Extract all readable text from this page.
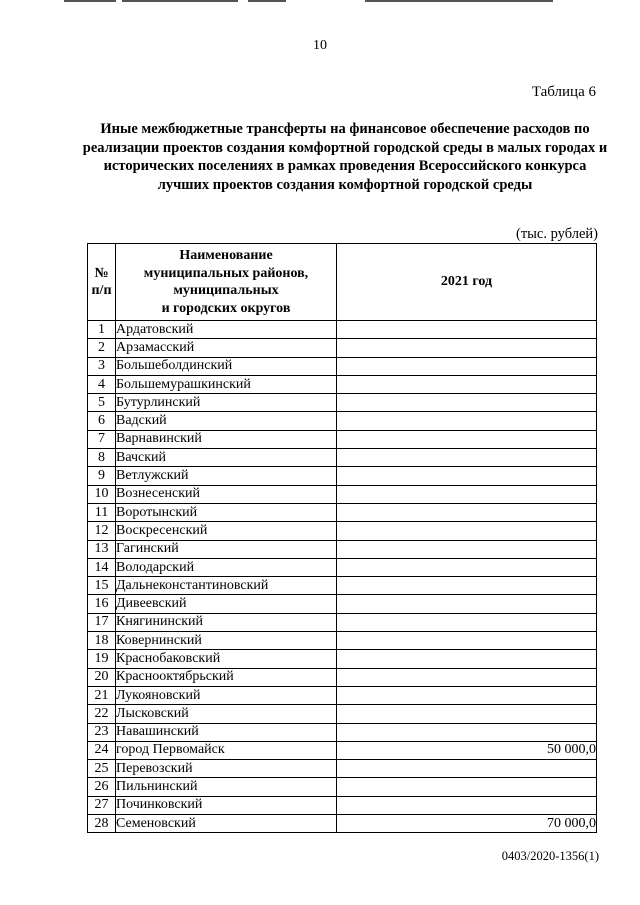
10
Таблица 6
Иные межбюджетные трансферты на финансовое обеспечение расходов по реализации проектов создания комфортной городской среды в малых городах и исторических поселениях в рамках проведения Всероссийского конкурса лучших проектов создания комфортной городской среды
(тыс. рублей)
№
п/п	Наименование
муниципальных районов,
муниципальных
и городских округов	2021 год
1	Ардатовский	
2	Арзамасский	
3	Большеболдинский	
4	Большемурашкинский	
5	Бутурлинский	
6	Вадский	
7	Варнавинский	
8	Вачский	
9	Ветлужский	
10	Вознесенский	
11	Воротынский	
12	Воскресенский	
13	Гагинский	
14	Володарский	
15	Дальнеконстантиновский	
16	Дивеевский	
17	Княгининский	
18	Ковернинский	
19	Краснобаковский	
20	Краснооктябрьский	
21	Лукояновский	
22	Лысковский	
23	Навашинский	
24	город Первомайск	50 000,0
25	Перевозский	
26	Пильнинский	
27	Починковский	
28	Семеновский	70 000,0
0403/2020-1356(1)
